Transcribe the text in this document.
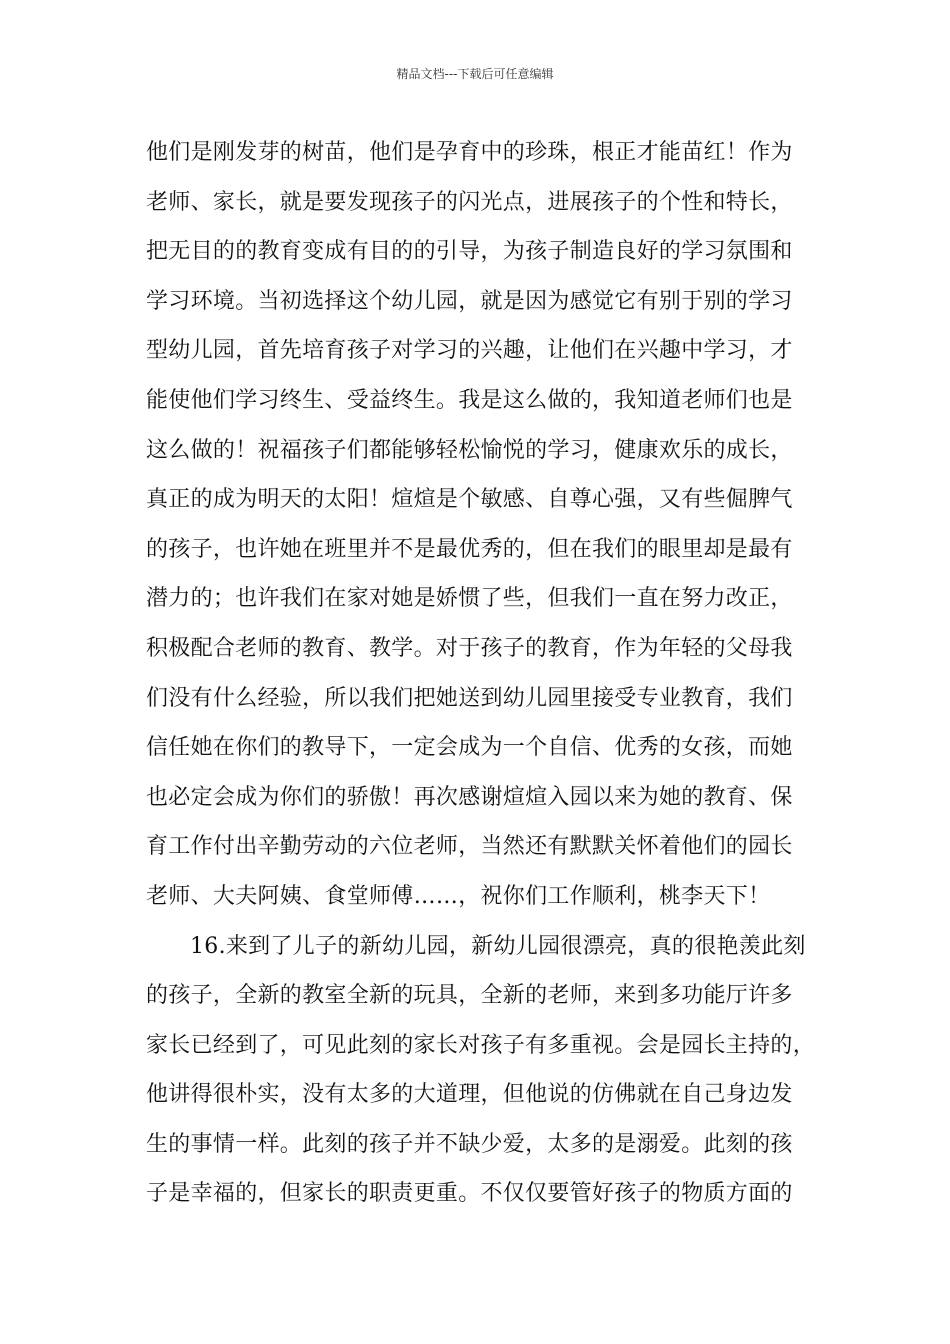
精品文档---下载后可任意编辑
他们是刚发芽的树苗，他们是孕育中的珍珠，根正才能苗红！作为
老师、家长，就是要发现孩子的闪光点，进展孩子的个性和特长，
把无目的的教育变成有目的的引导，为孩子制造良好的学习氛围和
学习环境。当初选择这个幼儿园，就是因为感觉它有别于别的学习
型幼儿园，首先培育孩子对学习的兴趣，让他们在兴趣中学习，才
能使他们学习终生、受益终生。我是这么做的，我知道老师们也是
这么做的！祝福孩子们都能够轻松愉悦的学习，健康欢乐的成长，
真正的成为明天的太阳！煊煊是个敏感、自尊心强，又有些倔脾气
的孩子，也许她在班里并不是最优秀的，但在我们的眼里却是最有
潜力的；也许我们在家对她是娇惯了些，但我们一直在努力改正，
积极配合老师的教育、教学。对于孩子的教育，作为年轻的父母我
们没有什么经验，所以我们把她送到幼儿园里接受专业教育，我们
信任她在你们的教导下，一定会成为一个自信、优秀的女孩，而她
也必定会成为你们的骄傲！再次感谢煊煊入园以来为她的教育、保
育工作付出辛勤劳动的六位老师，当然还有默默关怀着他们的园长
老师、大夫阿姨、食堂师傅……，祝你们工作顺利，桃李天下！
16.来到了儿子的新幼儿园，新幼儿园很漂亮，真的很艳羡此刻
的孩子，全新的教室全新的玩具，全新的老师，来到多功能厅许多
家长已经到了，可见此刻的家长对孩子有多重视。会是园长主持的，
他讲得很朴实，没有太多的大道理，但他说的仿佛就在自己身边发
生的事情一样。此刻的孩子并不缺少爱，太多的是溺爱。此刻的孩
子是幸福的，但家长的职责更重。不仅仅要管好孩子的物质方面的
